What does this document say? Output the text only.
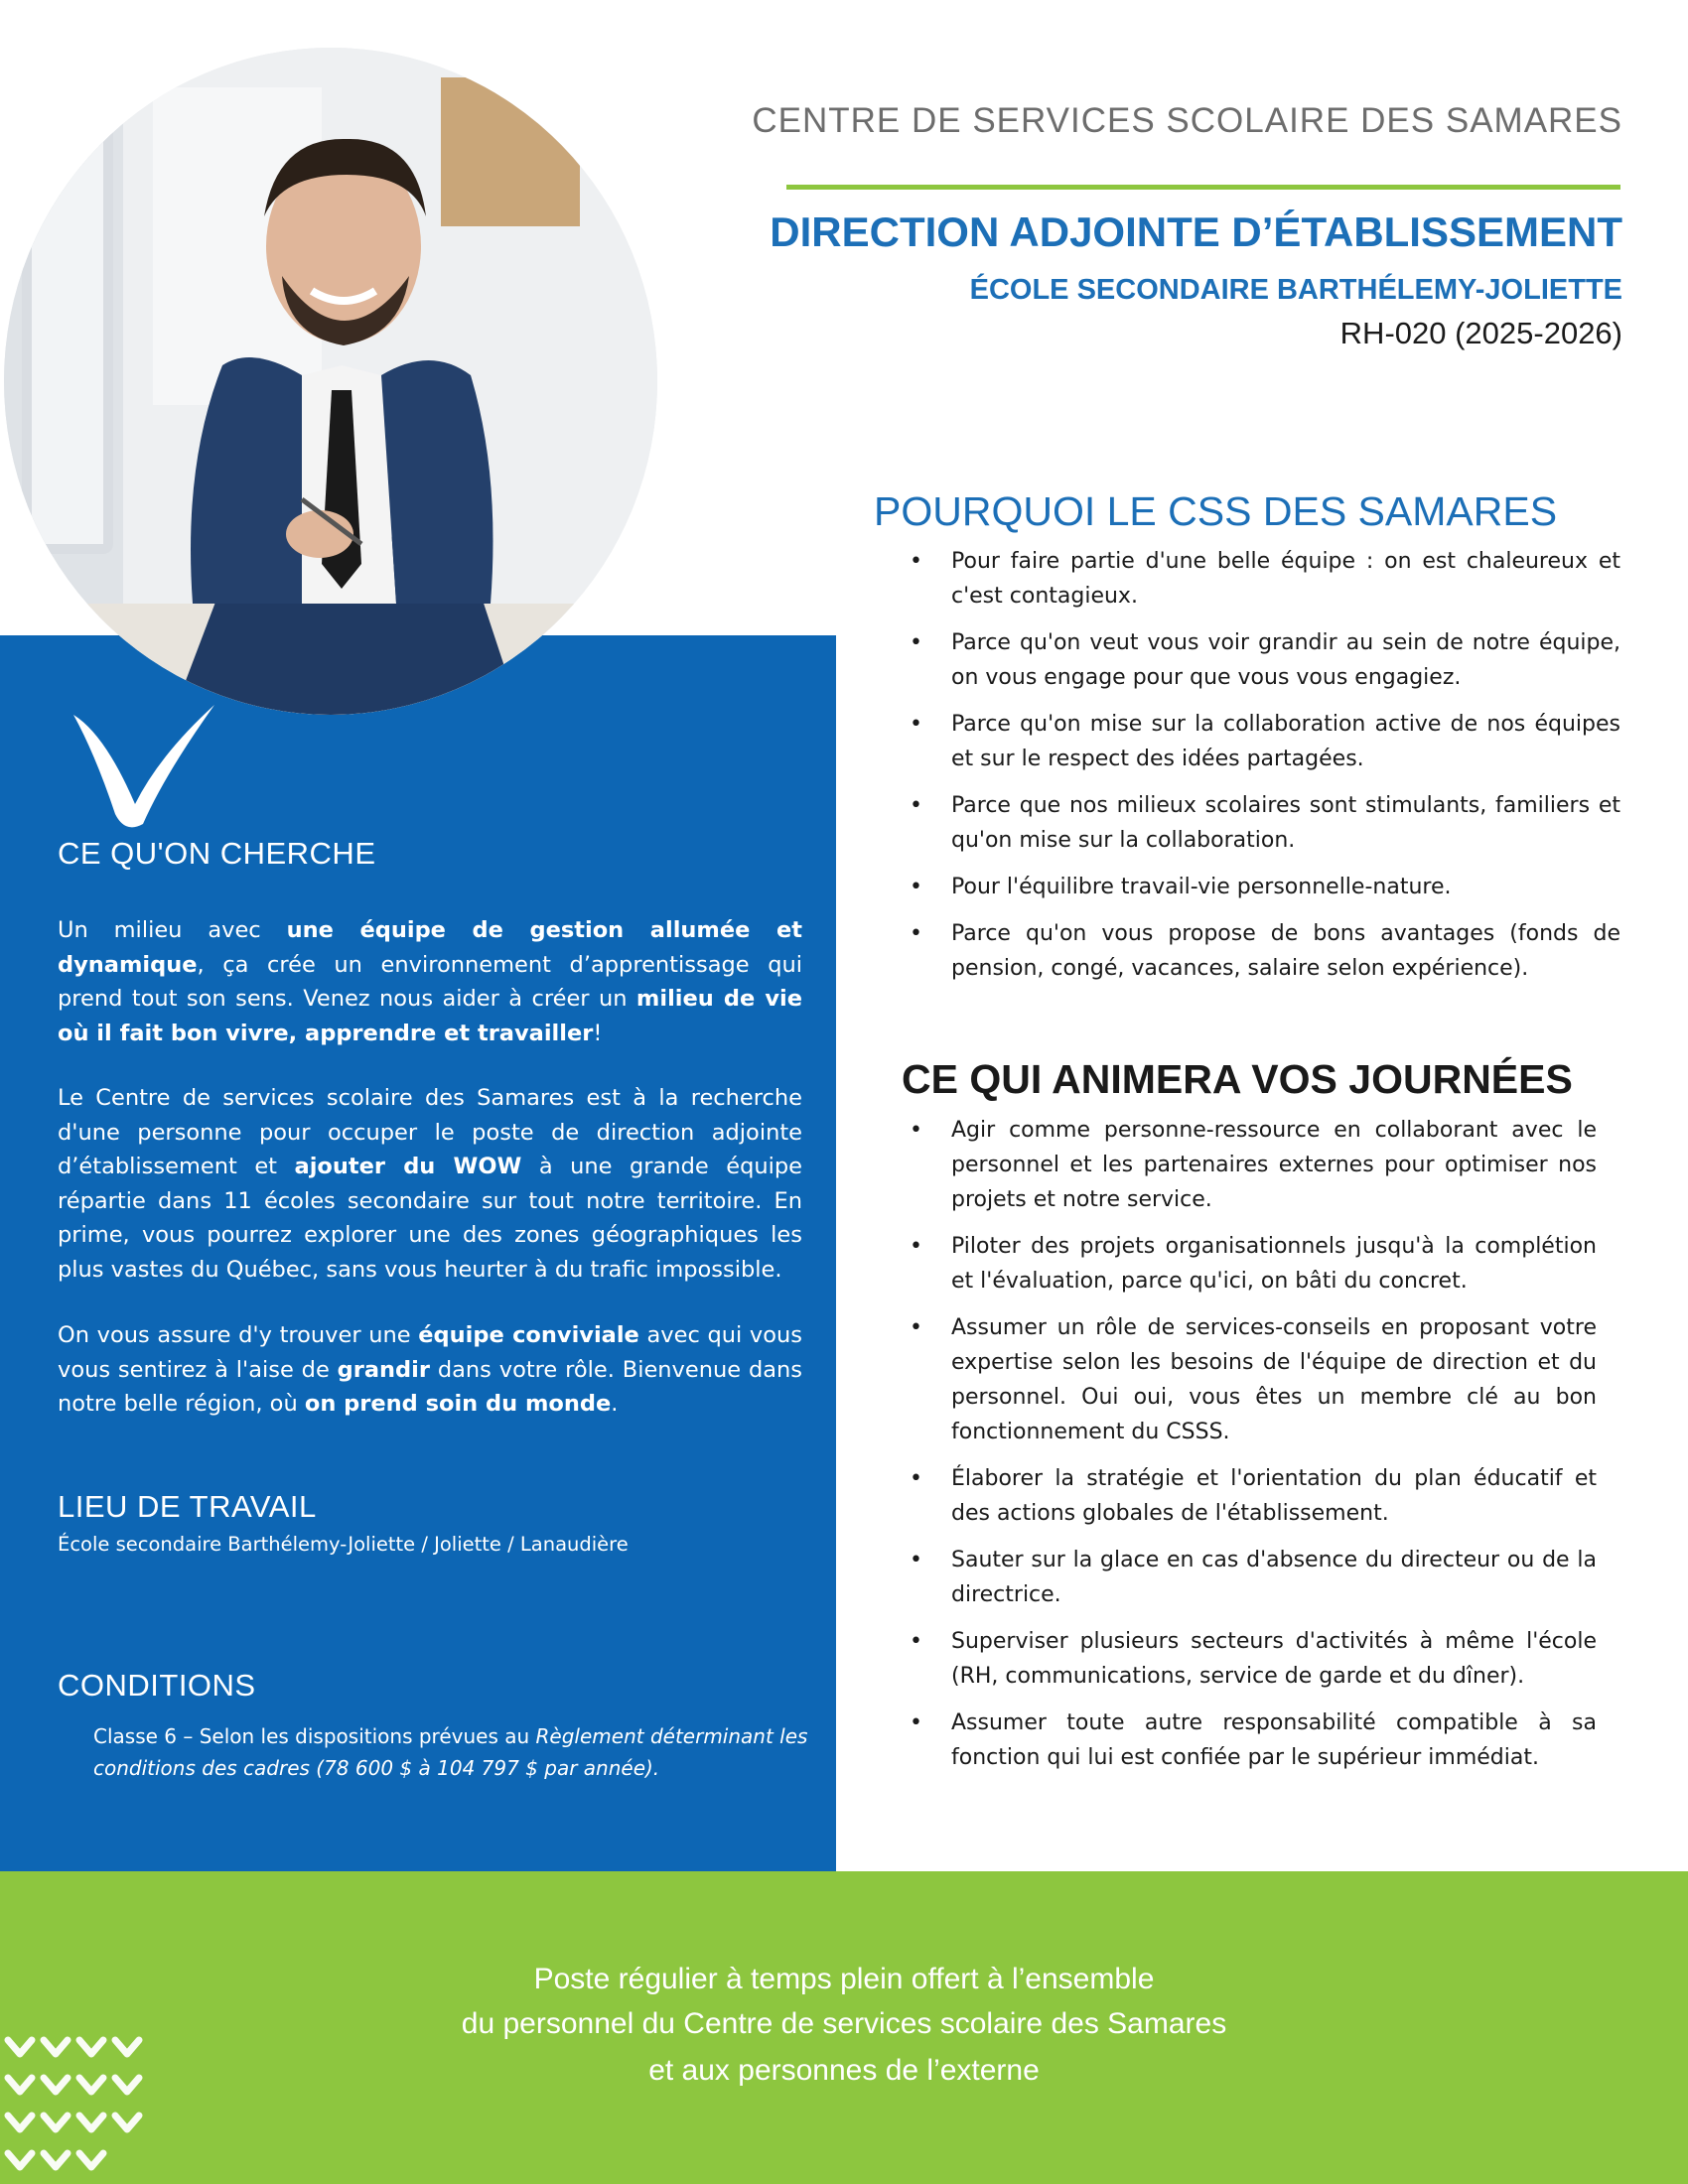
CENTRE DE SERVICES SCOLAIRE DES SAMARES
DIRECTION ADJOINTE D’ÉTABLISSEMENT
ÉCOLE SECONDAIRE BARTHÉLEMY-JOLIETTE
RH-020 (2025-2026)
CE QU'ON CHERCHE
Un milieu avec une équipe de gestion allumée et dynamique, ça crée un environnement d’apprentissage qui prend tout son sens. Venez nous aider à créer un milieu de vie où il fait bon vivre, apprendre et travailler!
Le Centre de services scolaire des Samares est à la recherche d'une personne pour occuper le poste de direction adjointe d’établissement et ajouter du WOW à une grande équipe répartie dans 11 écoles secondaire sur tout notre territoire. En prime, vous pourrez explorer une des zones géographiques les plus vastes du Québec, sans vous heurter à du trafic impossible.
On vous assure d'y trouver une équipe conviviale avec qui vous vous sentirez à l'aise de grandir dans votre rôle. Bienvenue dans notre belle région, où on prend soin du monde.
LIEU DE TRAVAIL
École secondaire Barthélemy-Joliette / Joliette / Lanaudière
CONDITIONS
Classe 6 – Selon les dispositions prévues au Règlement déterminant les conditions des cadres (78 600 $ à 104 797 $ par année).
POURQUOI LE CSS DES SAMARES
• Pour faire partie d'une belle équipe : on est chaleureux et c'est contagieux.
• Parce qu'on veut vous voir grandir au sein de notre équipe, on vous engage pour que vous vous engagiez.
• Parce qu'on mise sur la collaboration active de nos équipes et sur le respect des idées partagées.
• Parce que nos milieux scolaires sont stimulants, familiers et qu'on mise sur la collaboration.
• Pour l'équilibre travail-vie personnelle-nature.
• Parce qu'on vous propose de bons avantages (fonds de pension, congé, vacances, salaire selon expérience).
CE QUI ANIMERA VOS JOURNÉES
• Agir comme personne-ressource en collaborant avec le personnel et les partenaires externes pour optimiser nos projets et notre service.
• Piloter des projets organisationnels jusqu'à la complétion et l'évaluation, parce qu'ici, on bâti du concret.
• Assumer un rôle de services-conseils en proposant votre expertise selon les besoins de l'équipe de direction et du personnel. Oui oui, vous êtes un membre clé au bon fonctionnement du CSSS.
• Élaborer la stratégie et l'orientation du plan éducatif et des actions globales de l'établissement.
• Sauter sur la glace en cas d'absence du directeur ou de la directrice.
• Superviser plusieurs secteurs d'activités à même l'école (RH, communications, service de garde et du dîner).
• Assumer toute autre responsabilité compatible à sa fonction qui lui est confiée par le supérieur immédiat.
Poste régulier à temps plein offert à l’ensemble
du personnel du Centre de services scolaire des Samares
et aux personnes de l’externe
